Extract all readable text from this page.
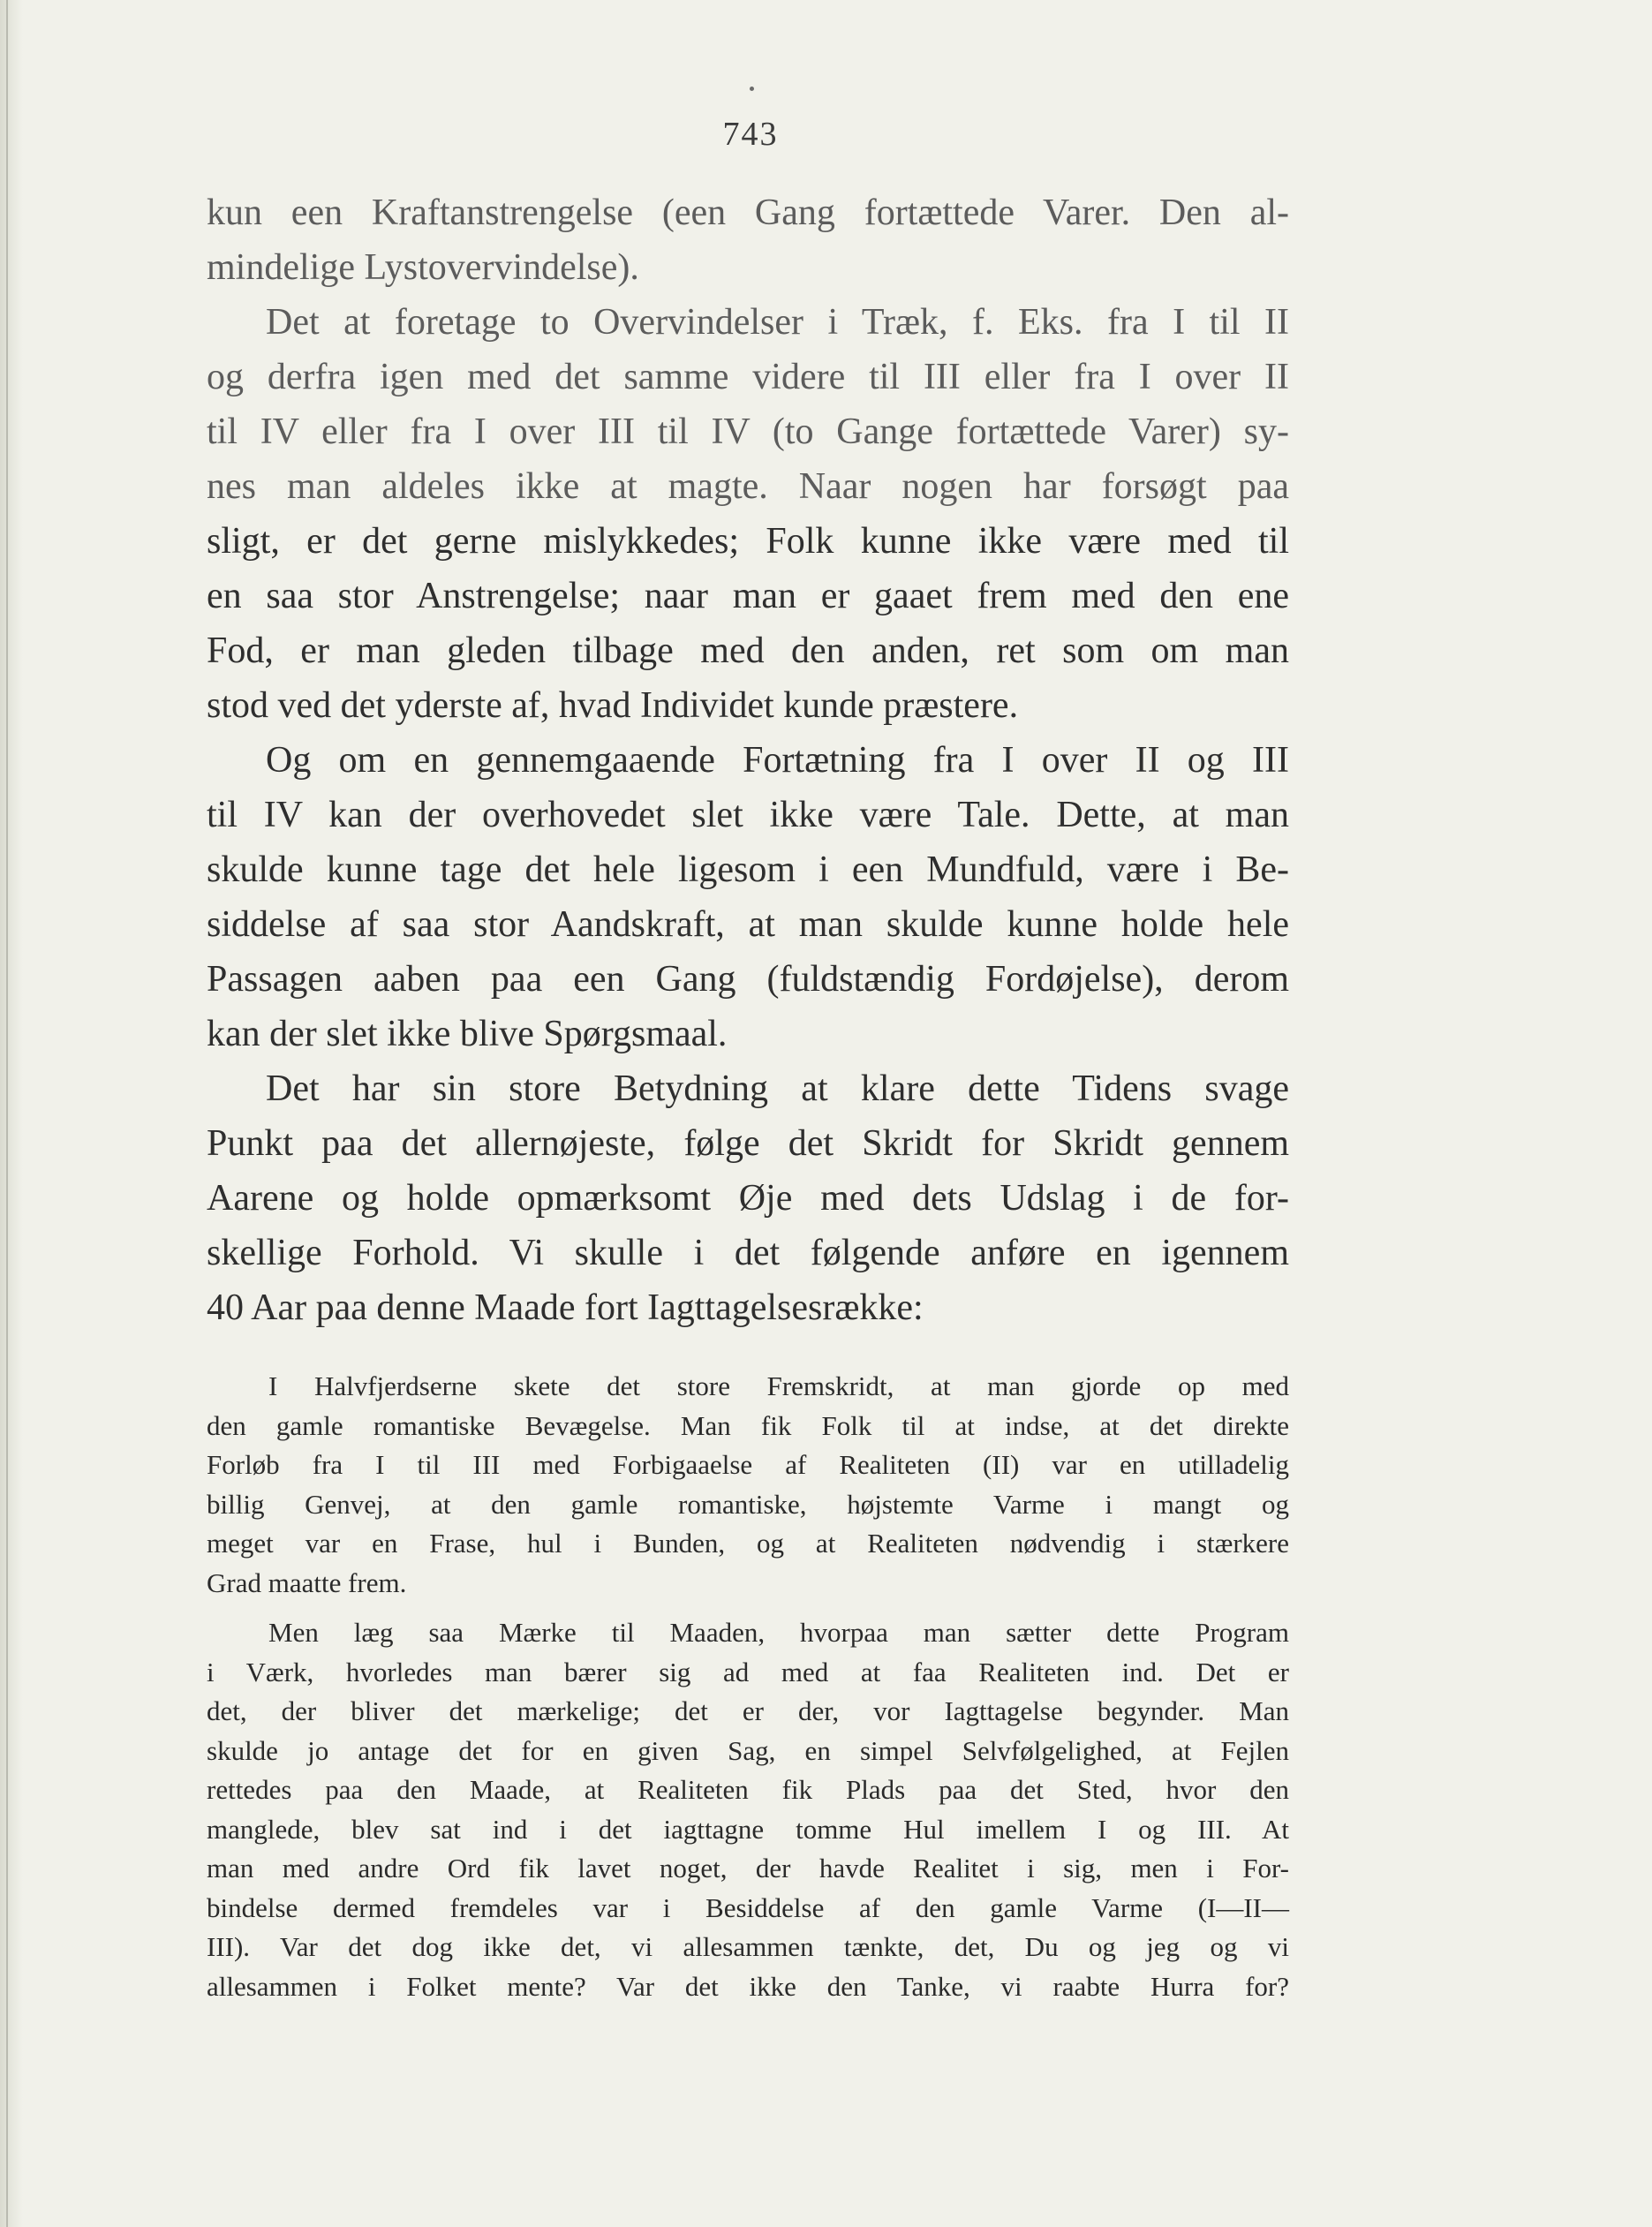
743
kun een Kraftanstrengelse (een Gang fortættede Varer. Den al-
mindelige Lystovervindelse).
Det at foretage to Overvindelser i Træk, f. Eks. fra I til II
og derfra igen med det samme videre til III eller fra I over II
til IV eller fra I over III til IV (to Gange fortættede Varer) sy-
nes man aldeles ikke at magte. Naar nogen har forsøgt paa
sligt, er det gerne mislykkedes; Folk kunne ikke være med til
en saa stor Anstrengelse; naar man er gaaet frem med den ene
Fod, er man gleden tilbage med den anden, ret som om man
stod ved det yderste af, hvad Individet kunde præstere.
Og om en gennemgaaende Fortætning fra I over II og III
til IV kan der overhovedet slet ikke være Tale. Dette, at man
skulde kunne tage det hele ligesom i een Mundfuld, være i Be-
siddelse af saa stor Aandskraft, at man skulde kunne holde hele
Passagen aaben paa een Gang (fuldstændig Fordøjelse), derom
kan der slet ikke blive Spørgsmaal.
Det har sin store Betydning at klare dette Tidens svage
Punkt paa det allernøjeste, følge det Skridt for Skridt gennem
Aarene og holde opmærksomt Øje med dets Udslag i de for-
skellige Forhold. Vi skulle i det følgende anføre en igennem
40 Aar paa denne Maade fort Iagttagelsesrække:
I Halvfjerdserne skete det store Fremskridt, at man gjorde op med
den gamle romantiske Bevægelse. Man fik Folk til at indse, at det direkte
Forløb fra I til III med Forbigaaelse af Realiteten (II) var en utilladelig
billig Genvej, at den gamle romantiske, højstemte Varme i mangt og
meget var en Frase, hul i Bunden, og at Realiteten nødvendig i stærkere
Grad maatte frem.
Men læg saa Mærke til Maaden, hvorpaa man sætter dette Program
i Værk, hvorledes man bærer sig ad med at faa Realiteten ind. Det er
det, der bliver det mærkelige; det er der, vor Iagttagelse begynder. Man
skulde jo antage det for en given Sag, en simpel Selvfølgelighed, at Fejlen
rettedes paa den Maade, at Realiteten fik Plads paa det Sted, hvor den
manglede, blev sat ind i det iagttagne tomme Hul imellem I og III. At
man med andre Ord fik lavet noget, der havde Realitet i sig, men i For-
bindelse dermed fremdeles var i Besiddelse af den gamle Varme (I—II—
III). Var det dog ikke det, vi allesammen tænkte, det, Du og jeg og vi
allesammen i Folket mente? Var det ikke den Tanke, vi raabte Hurra for?
